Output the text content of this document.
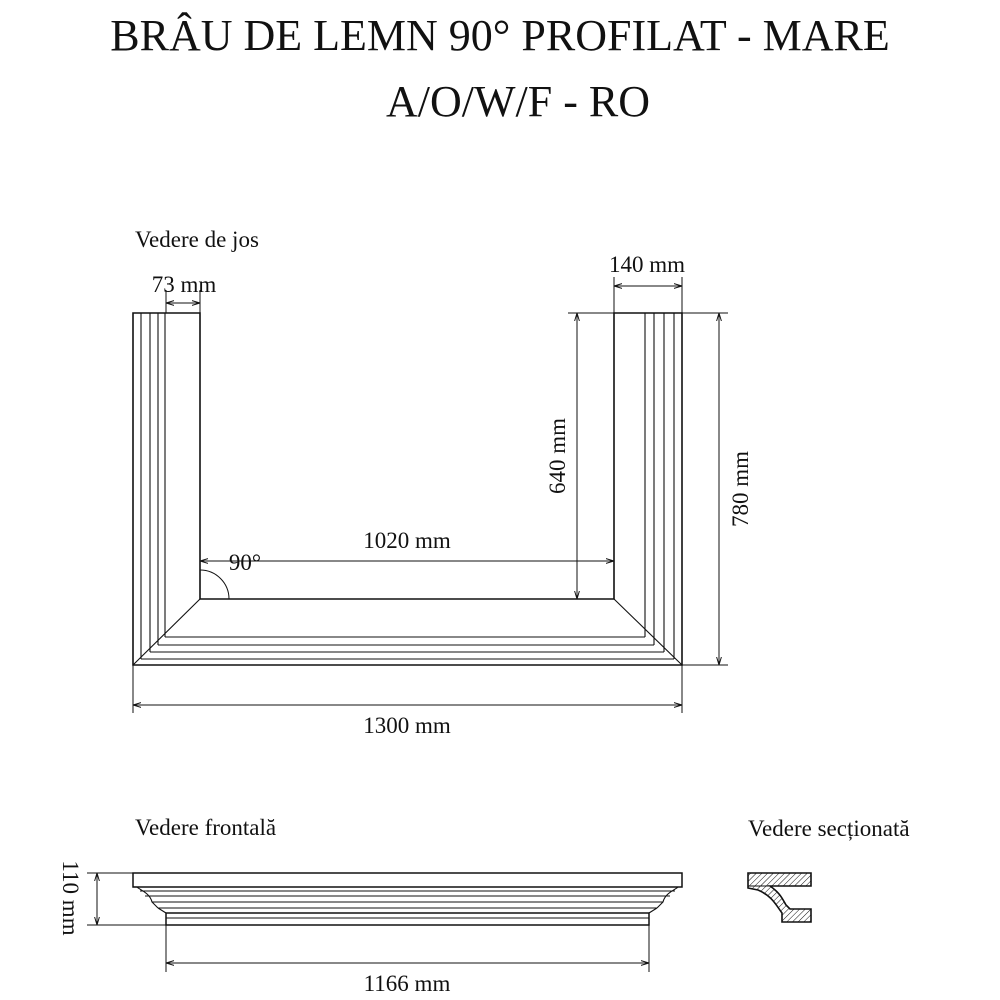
BRÂU DE LEMN 90° PROFILAT - MARE
A/O/W/F - RO
Vedere de jos
73 mm
140 mm
640 mm	780 mm
1020 mm
90°
1300 mm
Vedere frontală
110 mm
1166 mm
Vedere secționată
